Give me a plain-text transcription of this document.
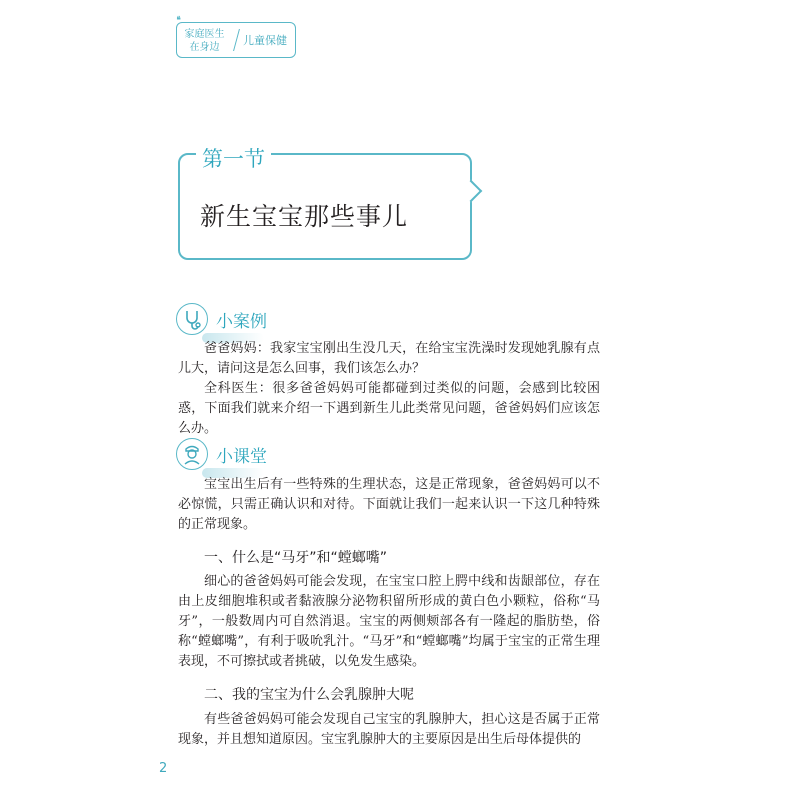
❛❛
家庭医生
在身边	儿童保健
第一节
新生宝宝那些事儿
小案例

爸爸妈妈：我家宝宝刚出生没几天，在给宝宝洗澡时发现她乳腺有点儿大，请问这是怎么回事，我们该怎么办？

全科医生：很多爸爸妈妈可能都碰到过类似的问题，会感到比较困惑，下面我们就来介绍一下遇到新生儿此类常见问题，爸爸妈妈们应该怎么办。

小课堂

宝宝出生后有一些特殊的生理状态，这是正常现象，爸爸妈妈可以不必惊慌，只需正确认识和对待。下面就让我们一起来认识一下这几种特殊的正常现象。

一、什么是“马牙”和“螳螂嘴”

细心的爸爸妈妈可能会发现，在宝宝口腔上腭中线和齿龈部位，存在由上皮细胞堆积或者黏液腺分泌物积留所形成的黄白色小颗粒，俗称“马牙”，一般数周内可自然消退。宝宝的两侧颊部各有一隆起的脂肪垫，俗称“螳螂嘴”，有利于吸吮乳汁。“马牙”和“螳螂嘴”均属于宝宝的正常生理表现，不可擦拭或者挑破，以免发生感染。

二、我的宝宝为什么会乳腺肿大呢

有些爸爸妈妈可能会发现自己宝宝的乳腺肿大，担心这是否属于正常现象，并且想知道原因。宝宝乳腺肿大的主要原因是出生后母体提供的

2
